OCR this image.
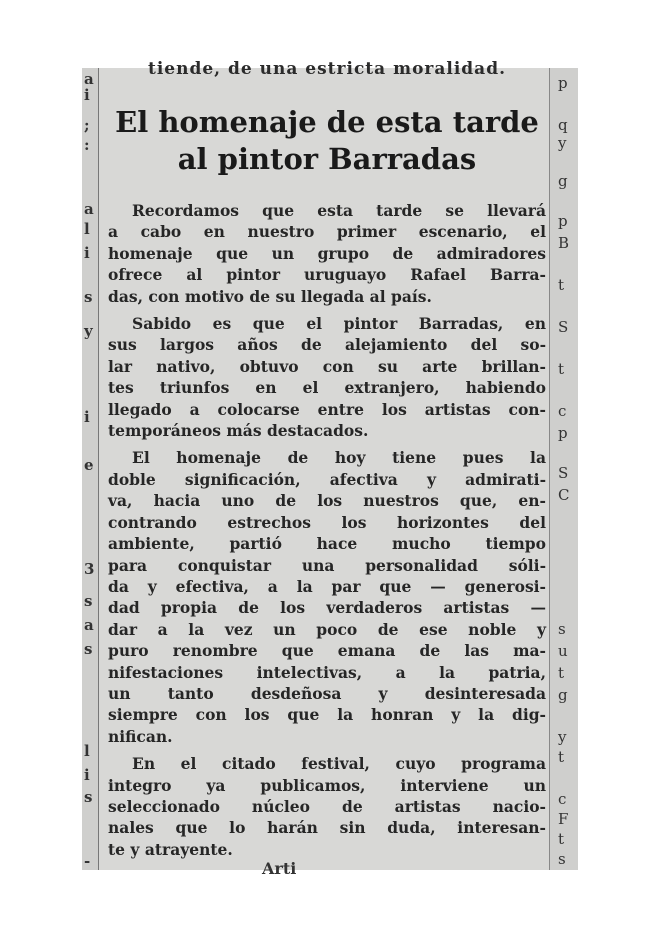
a
i
;
:
a
l
i
s
y
i
e
3
s
a
s
l
i
s
-
p
q
y
g
p
B
t
S
t
c
p
S
C
s
u
t
g
y
t
c
F
t
s

tiende, de una estricta moralidad.

El homenaje de esta tarde
al pintor Barradas

Recordamos que esta tarde se llevará
a cabo en nuestro primer escenario, el
homenaje que un grupo de admiradores
ofrece al pintor uruguayo Rafael Barra-
das, con motivo de su llegada al país.

Sabido es que el pintor Barradas, en
sus largos años de alejamiento del so-
lar nativo, obtuvo con su arte brillan-
tes triunfos en el extranjero, habiendo
llegado a colocarse entre los artistas con-
temporáneos más destacados.

El homenaje de hoy tiene pues la
doble significación, afectiva y admirati-
va, hacia uno de los nuestros que, en-
contrando estrechos los horizontes del
ambiente, partió hace mucho tiempo
para conquistar una personalidad sóli-
da y efectiva, a la par que — generosi-
dad propia de los verdaderos artistas —
dar a la vez un poco de ese noble y
puro renombre que emana de las ma-
nifestaciones intelectivas, a la patria,
un tanto desdeñosa y desinteresada
siempre con los que la honran y la dig-
nifican.

En el citado festival, cuyo programa
integro ya publicamos, interviene un
seleccionado núcleo de artistas nacio-
nales que lo harán sin duda, interesan-
te y atrayente.

Arti
